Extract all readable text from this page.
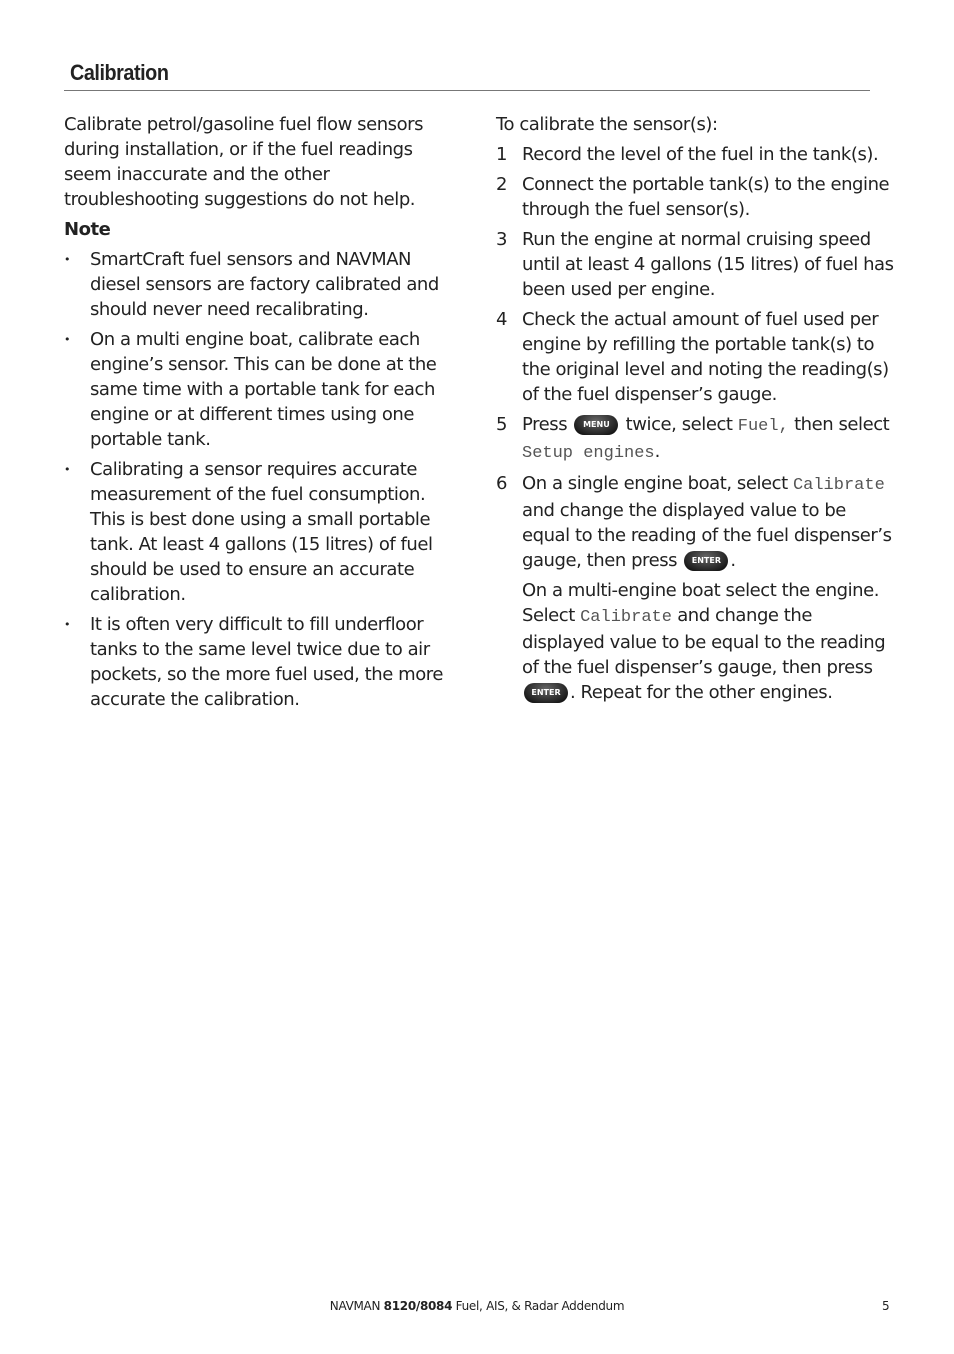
Calibration

Calibrate petrol/gasoline fuel flow sensors during installation, or if the fuel readings seem inaccurate and the other troubleshooting suggestions do not help.

Note

• SmartCraft fuel sensors and NAVMAN diesel sensors are factory calibrated and should never need recalibrating.
• On a multi engine boat, calibrate each engine’s sensor. This can be done at the same time with a portable tank for each engine or at different times using one portable tank.
• Calibrating a sensor requires accurate measurement of the fuel consumption. This is best done using a small portable tank. At least 4 gallons (15 litres) of fuel should be used to ensure an accurate calibration.
• It is often very difficult to fill underfloor tanks to the same level twice due to air pockets, so the more fuel used, the more accurate the calibration.

To calibrate the sensor(s):

1 Record the level of the fuel in the tank(s).
2 Connect the portable tank(s) to the engine through the fuel sensor(s).
3 Run the engine at normal cruising speed until at least 4 gallons (15 litres) of fuel has been used per engine.
4 Check the actual amount of fuel used per engine by refilling the portable tank(s) to the original level and noting the reading(s) of the fuel dispenser’s gauge.
5 Press MENU twice, select Fuel, then select Setup engines.
6 On a single engine boat, select Calibrate and change the displayed value to be equal to the reading of the fuel dispenser’s gauge, then press ENTER .

On a multi-engine boat select the engine. Select Calibrate and change the displayed value to be equal to the reading of the fuel dispenser’s gauge, then press ENTER . Repeat for the other engines.

NAVMAN 8120/8084 Fuel, AIS, & Radar Addendum	5
